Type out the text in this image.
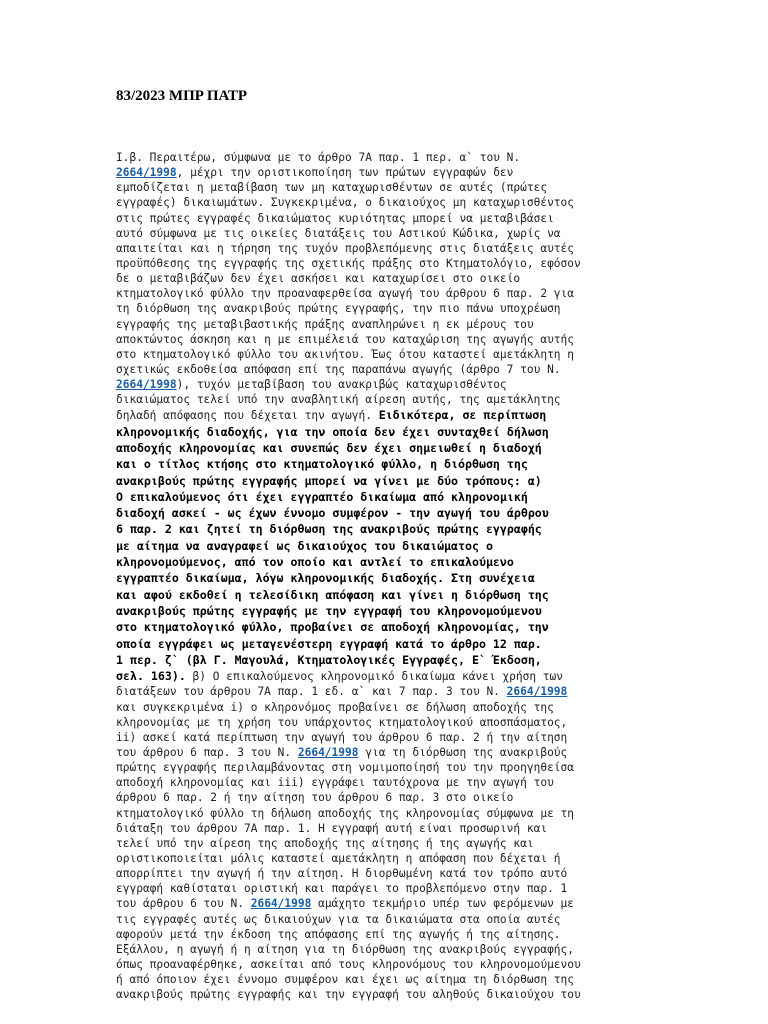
83/2023 ΜΠΡ ΠΑΤΡ
Ι.β. Περαιτέρω, σύμφωνα με το άρθρο 7Α παρ. 1 περ. α` του Ν.
2664/1998, μέχρι την οριστικοποίηση των πρώτων εγγραφών δεν
εμποδίζεται η μεταβίβαση των μη καταχωρισθέντων σε αυτές (πρώτες
εγγραφές) δικαιωμάτων. Συγκεκριμένα, ο δικαιούχος μη καταχωρισθέντος
στις πρώτες εγγραφές δικαιώματος κυριότητας μπορεί να μεταβιβάσει
αυτό σύμφωνα με τις οικείες διατάξεις του Αστικού Κώδικα, χωρίς να
απαιτείται και η τήρηση της τυχόν προβλεπόμενης στις διατάξεις αυτές
προϋπόθεσης της εγγραφής της σχετικής πράξης στο Κτηματολόγιο, εφόσον
δε ο μεταβιβάζων δεν έχει ασκήσει και καταχωρίσει στο οικείο
κτηματολογικό φύλλο την προαναφερθείσα αγωγή του άρθρου 6 παρ. 2 για
τη διόρθωση της ανακριβούς πρώτης εγγραφής, την πιο πάνω υποχρέωση
εγγραφής της μεταβιβαστικής πράξης αναπληρώνει η εκ μέρους του
αποκτώντος άσκηση και η με επιμέλειά του καταχώριση της αγωγής αυτής
στο κτηματολογικό φύλλο του ακινήτου. Έως ότου καταστεί αμετάκλητη η
σχετικώς εκδοθείσα απόφαση επί της παραπάνω αγωγής (άρθρο 7 του Ν.
2664/1998), τυχόν μεταβίβαση του ανακριβώς καταχωρισθέντος
δικαιώματος τελεί υπό την αναβλητική αίρεση αυτής, της αμετάκλητης
δηλαδή απόφασης που δέχεται την αγωγή. Ειδικότερα, σε περίπτωση
κληρονομικής διαδοχής, για την οποία δεν έχει συνταχθεί δήλωση
αποδοχής κληρονομίας και συνεπώς δεν έχει σημειωθεί η διαδοχή
και ο τίτλος κτήσης στο κτηματολογικό φύλλο, η διόρθωση της
ανακριβούς πρώτης εγγραφής μπορεί να γίνει με δύο τρόπους: α)
Ο επικαλούμενος ότι έχει εγγραπτέο δικαίωμα από κληρονομική
διαδοχή ασκεί - ως έχων έννομο συμφέρον - την αγωγή του άρθρου
6 παρ. 2 και ζητεί τη διόρθωση της ανακριβούς πρώτης εγγραφής
με αίτημα να αναγραφεί ως δικαιούχος του δικαιώματος ο
κληρονομούμενος, από τον οποίο και αντλεί το επικαλούμενο
εγγραπτέο δικαίωμα, λόγω κληρονομικής διαδοχής. Στη συνέχεια
και αφού εκδοθεί η τελεσίδικη απόφαση και γίνει η διόρθωση της
ανακριβούς πρώτης εγγραφής με την εγγραφή του κληρονομούμενου
στο κτηματολογικό φύλλο, προβαίνει σε αποδοχή κληρονομίας, την
οποία εγγράφει ως μεταγενέστερη εγγραφή κατά το άρθρο 12 παρ.
1 περ. ζ` (βλ Γ. Μαγουλά, Κτηματολογικές Εγγραφές, Ε` Έκδοση,
σελ. 163). β) Ο επικαλούμενος κληρονομικό δικαίωμα κάνει χρήση των
διατάξεων του άρθρου 7Α παρ. 1 εδ. α` και 7 παρ. 3 του Ν. 2664/1998
και συγκεκριμένα i) ο κληρονόμος προβαίνει σε δήλωση αποδοχής της
κληρονομίας με τη χρήση του υπάρχοντος κτηματολογικού αποσπάσματος,
ii) ασκεί κατά περίπτωση την αγωγή του άρθρου 6 παρ. 2 ή την αίτηση
του άρθρου 6 παρ. 3 του Ν. 2664/1998 για τη διόρθωση της ανακριβούς
πρώτης εγγραφής περιλαμβάνοντας στη νομιμοποίησή του την προηγηθείσα
αποδοχή κληρονομίας και iii) εγγράφει ταυτόχρονα με την αγωγή του
άρθρου 6 παρ. 2 ή την αίτηση του άρθρου 6 παρ. 3 στο οικείο
κτηματολογικό φύλλο τη δήλωση αποδοχής της κληρονομίας σύμφωνα με τη
διάταξη του άρθρου 7Α παρ. 1. Η εγγραφή αυτή είναι προσωρινή και
τελεί υπό την αίρεση της αποδοχής της αίτησης ή της αγωγής και
οριστικοποιείται μόλις καταστεί αμετάκλητη η απόφαση που δέχεται ή
απορρίπτει την αγωγή ή την αίτηση. Η διορθωμένη κατά τον τρόπο αυτό
εγγραφή καθίσταται οριστική και παράγει το προβλεπόμενο στην παρ. 1
του άρθρου 6 του Ν. 2664/1998 αμάχητο τεκμήριο υπέρ των φερόμενων με
τις εγγραφές αυτές ως δικαιούχων για τα δικαιώματα στα οποία αυτές
αφορούν μετά την έκδοση της απόφασης επί της αγωγής ή της αίτησης.
Εξάλλου, η αγωγή ή η αίτηση για τη διόρθωση της ανακριβούς εγγραφής,
όπως προαναφέρθηκε, ασκείται από τους κληρονόμους του κληρονομούμενου
ή από όποιον έχει έννομο συμφέρον και έχει ως αίτημα τη διόρθωση της
ανακριβούς πρώτης εγγραφής και την εγγραφή του αληθούς δικαιούχου του
